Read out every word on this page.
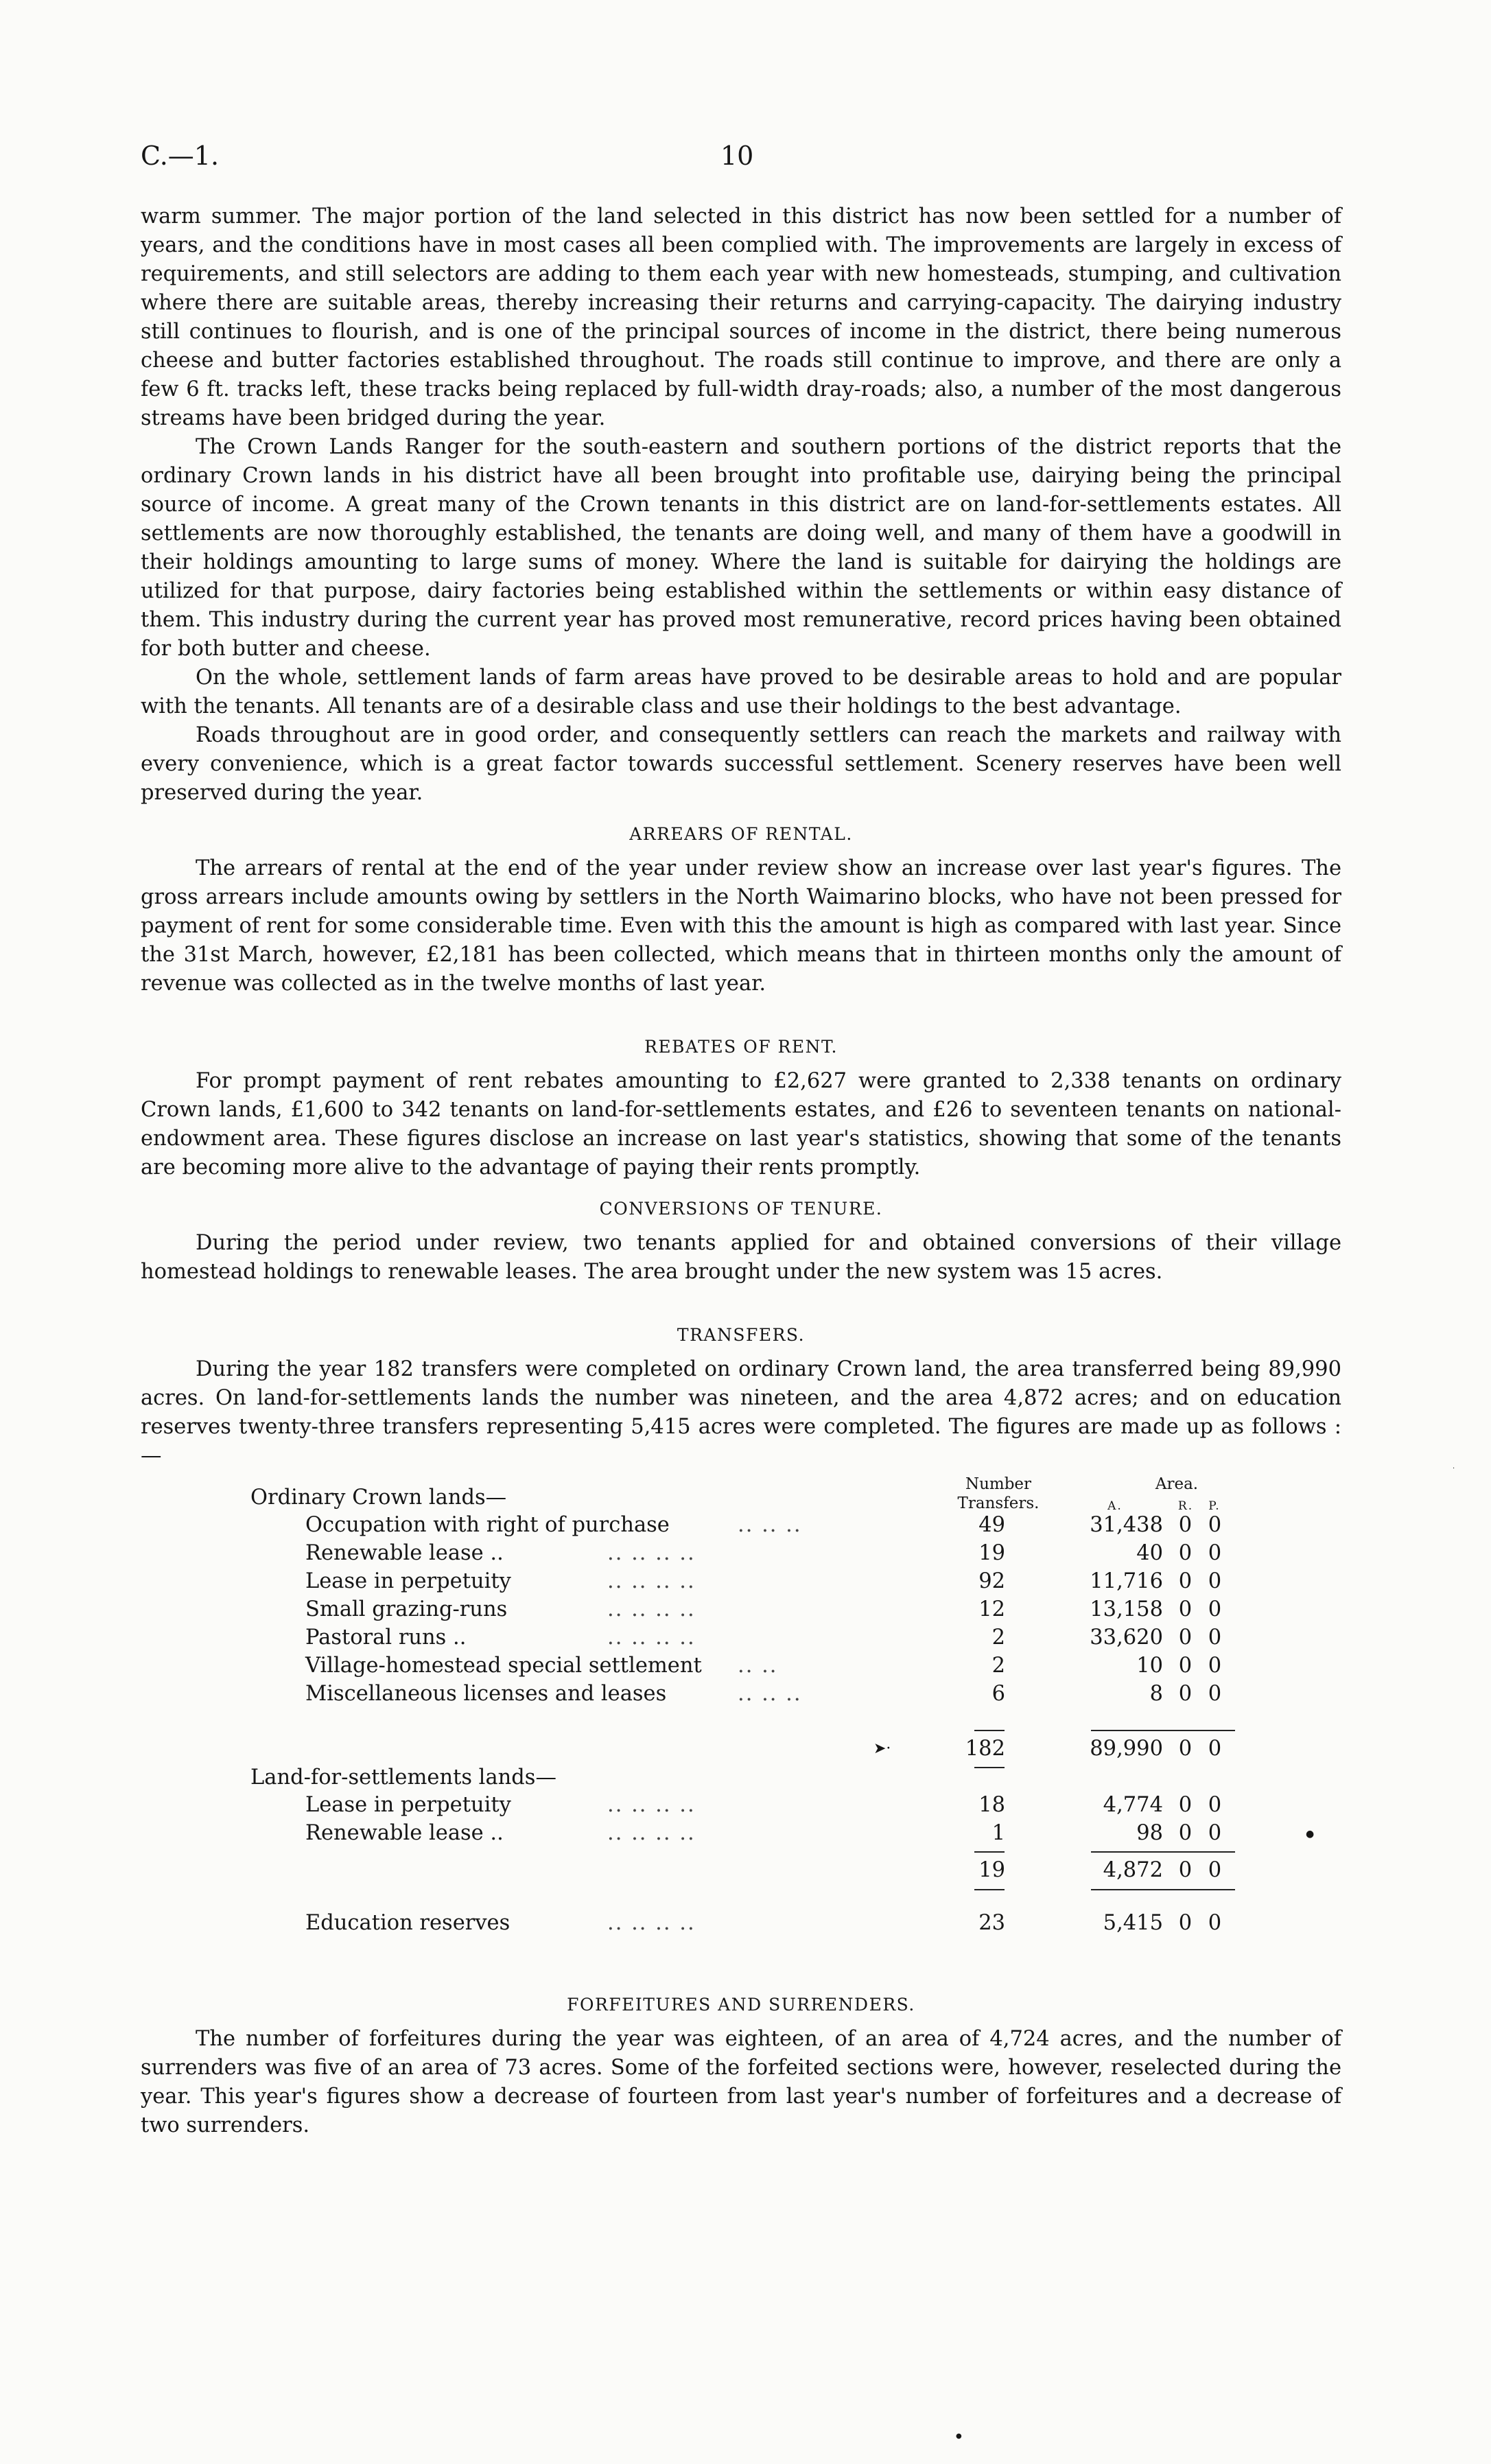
C.—1.	10

warm summer. The major portion of the land selected in this district has now been settled for a number of years, and the conditions have in most cases all been complied with. The improvements are largely in excess of requirements, and still selectors are adding to them each year with new homesteads, stumping, and cultivation where there are suitable areas, thereby increasing their returns and carrying-capacity. The dairying industry still continues to flourish, and is one of the principal sources of income in the district, there being numerous cheese and butter factories established throughout. The roads still continue to improve, and there are only a few 6 ft. tracks left, these tracks being replaced by full-width dray-roads; also, a number of the most dangerous streams have been bridged during the year.

The Crown Lands Ranger for the south-eastern and southern portions of the district reports that the ordinary Crown lands in his district have all been brought into profitable use, dairying being the principal source of income. A great many of the Crown tenants in this district are on land-for-settlements estates. All settlements are now thoroughly established, the tenants are doing well, and many of them have a goodwill in their holdings amounting to large sums of money. Where the land is suitable for dairying the holdings are utilized for that purpose, dairy factories being established within the settlements or within easy distance of them. This industry during the current year has proved most remunerative, record prices having been obtained for both butter and cheese.

On the whole, settlement lands of farm areas have proved to be desirable areas to hold and are popular with the tenants. All tenants are of a desirable class and use their holdings to the best advantage.

Roads throughout are in good order, and consequently settlers can reach the markets and railway with every convenience, which is a great factor towards successful settlement. Scenery reserves have been well preserved during the year.

ARREARS OF RENTAL.

The arrears of rental at the end of the year under review show an increase over last year's figures. The gross arrears include amounts owing by settlers in the North Waimarino blocks, who have not been pressed for payment of rent for some considerable time. Even with this the amount is high as compared with last year. Since the 31st March, however, £2,181 has been collected, which means that in thirteen months only the amount of revenue was collected as in the twelve months of last year.

REBATES OF RENT.

For prompt payment of rent rebates amounting to £2,627 were granted to 2,338 tenants on ordinary Crown lands, £1,600 to 342 tenants on land-for-settlements estates, and £26 to seventeen tenants on national-endowment area. These figures disclose an increase on last year's statistics, showing that some of the tenants are becoming more alive to the advantage of paying their rents promptly.

CONVERSIONS OF TENURE.

During the period under review, two tenants applied for and obtained conversions of their village homestead holdings to renewable leases. The area brought under the new system was 15 acres.

TRANSFERS.

During the year 182 transfers were completed on ordinary Crown land, the area transferred being 89,990 acres. On land-for-settlements lands the number was nineteen, and the area 4,872 acres; and on education reserves twenty-three transfers representing 5,415 acres were completed. The figures are made up as follows :—

Number
Transfers.
Area.
A.	R.	P.
Ordinary Crown lands—
Occupation with right of purchase	.. .. ..	49	31,438 0 0
Renewable lease ..	.. .. .. ..	19	40 0 0
Lease in perpetuity	.. .. .. ..	92	11,716 0 0
Small grazing-runs	.. .. .. ..	12	13,158 0 0
Pastoral runs ..	.. .. .. ..	2	33,620 0 0
Village-homestead special settlement .. ..	2	10 0 0
Miscellaneous licenses and leases	.. .. ..	6	8 0 0
➤·	182	89,990 0 0
Land-for-settlements lands—
Lease in perpetuity	.. .. .. ..	18	4,774 0 0
Renewable lease ..	.. .. .. ..	1	98 0 0
19	4,872 0 0
Education reserves	.. .. .. ..	23	5,415 0 0
FORFEITURES AND SURRENDERS.

The number of forfeitures during the year was eighteen, of an area of 4,724 acres, and the number of surrenders was five of an area of 73 acres. Some of the forfeited sections were, however, reselected during the year. This year's figures show a decrease of fourteen from last year's number of forfeitures and a decrease of two surrenders.

●
●
·
